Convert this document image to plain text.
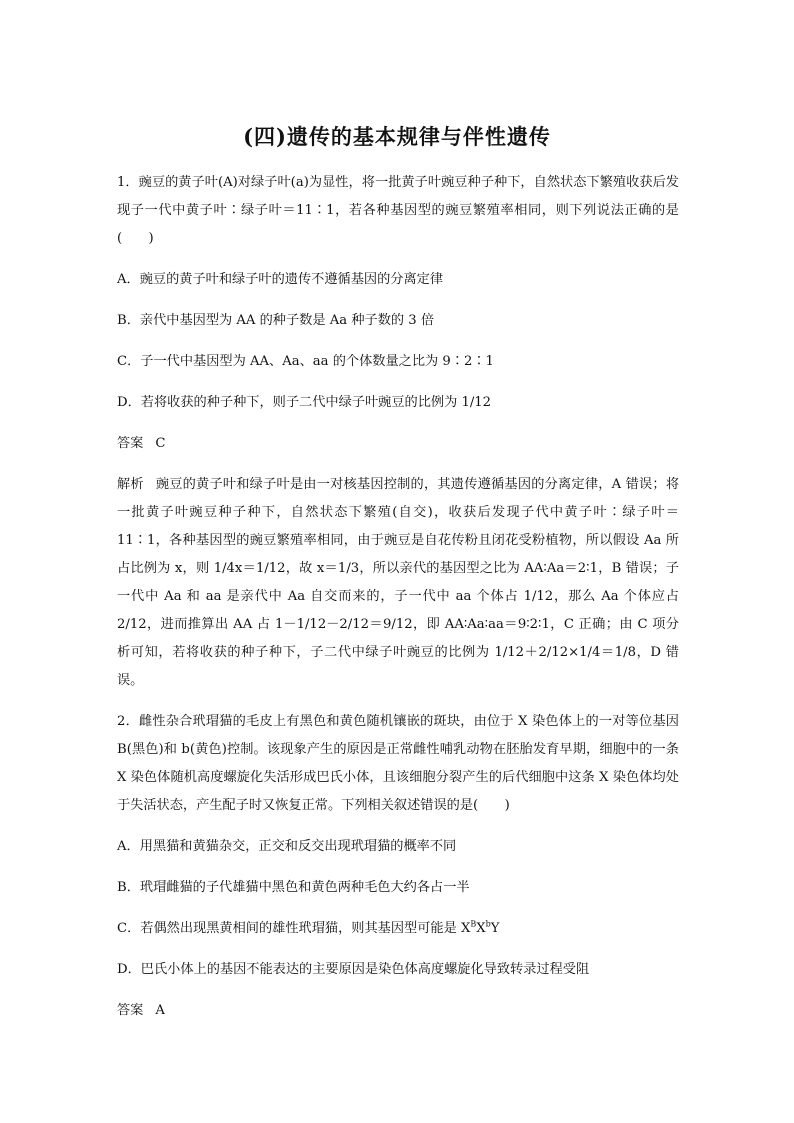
(四)遗传的基本规律与伴性遗传

1．豌豆的黄子叶(A)对绿子叶(a)为显性，将一批黄子叶豌豆种子种下，自然状态下繁殖收获后发现子一代中黄子叶∶绿子叶＝11∶1，若各种基因型的豌豆繁殖率相同，则下列说法正确的是(　　)

A．豌豆的黄子叶和绿子叶的遗传不遵循基因的分离定律

B．亲代中基因型为 AA 的种子数是 Aa 种子数的 3 倍

C．子一代中基因型为 AA、Aa、aa 的个体数量之比为 9∶2∶1

D．若将收获的种子种下，则子二代中绿子叶豌豆的比例为 1/12

答案 C

解析 豌豆的黄子叶和绿子叶是由一对核基因控制的，其遗传遵循基因的分离定律，A 错误；将一批黄子叶豌豆种子种下，自然状态下繁殖(自交)，收获后发现子代中黄子叶∶绿子叶＝11∶1，各种基因型的豌豆繁殖率相同，由于豌豆是自花传粉且闭花受粉植物，所以假设 Aa 所占比例为 x，则 1/4x＝1/12，故 x＝1/3，所以亲代的基因型之比为 AA∶Aa＝2∶1，B 错误；子一代中 Aa 和 aa 是亲代中 Aa 自交而来的，子一代中 aa 个体占 1/12，那么 Aa 个体应占 2/12，进而推算出 AA 占 1－1/12－2/12＝9/12，即 AA∶Aa∶aa＝9∶2∶1，C 正确；由 C 项分析可知，若将收获的种子种下，子二代中绿子叶豌豆的比例为 1/12＋2/12×1/4＝1/8，D 错误。

2．雌性杂合玳瑁猫的毛皮上有黑色和黄色随机镶嵌的斑块，由位于 X 染色体上的一对等位基因 B(黑色)和 b(黄色)控制。该现象产生的原因是正常雌性哺乳动物在胚胎发育早期，细胞中的一条 X 染色体随机高度螺旋化失活形成巴氏小体，且该细胞分裂产生的后代细胞中这条 X 染色体均处于失活状态，产生配子时又恢复正常。下列相关叙述错误的是(　　)

A．用黑猫和黄猫杂交，正交和反交出现玳瑁猫的概率不同

B．玳瑁雌猫的子代雄猫中黑色和黄色两种毛色大约各占一半

C．若偶然出现黑黄相间的雄性玳瑁猫，则其基因型可能是 $X^BX^bY$

D．巴氏小体上的基因不能表达的主要原因是染色体高度螺旋化导致转录过程受阻

答案 A
